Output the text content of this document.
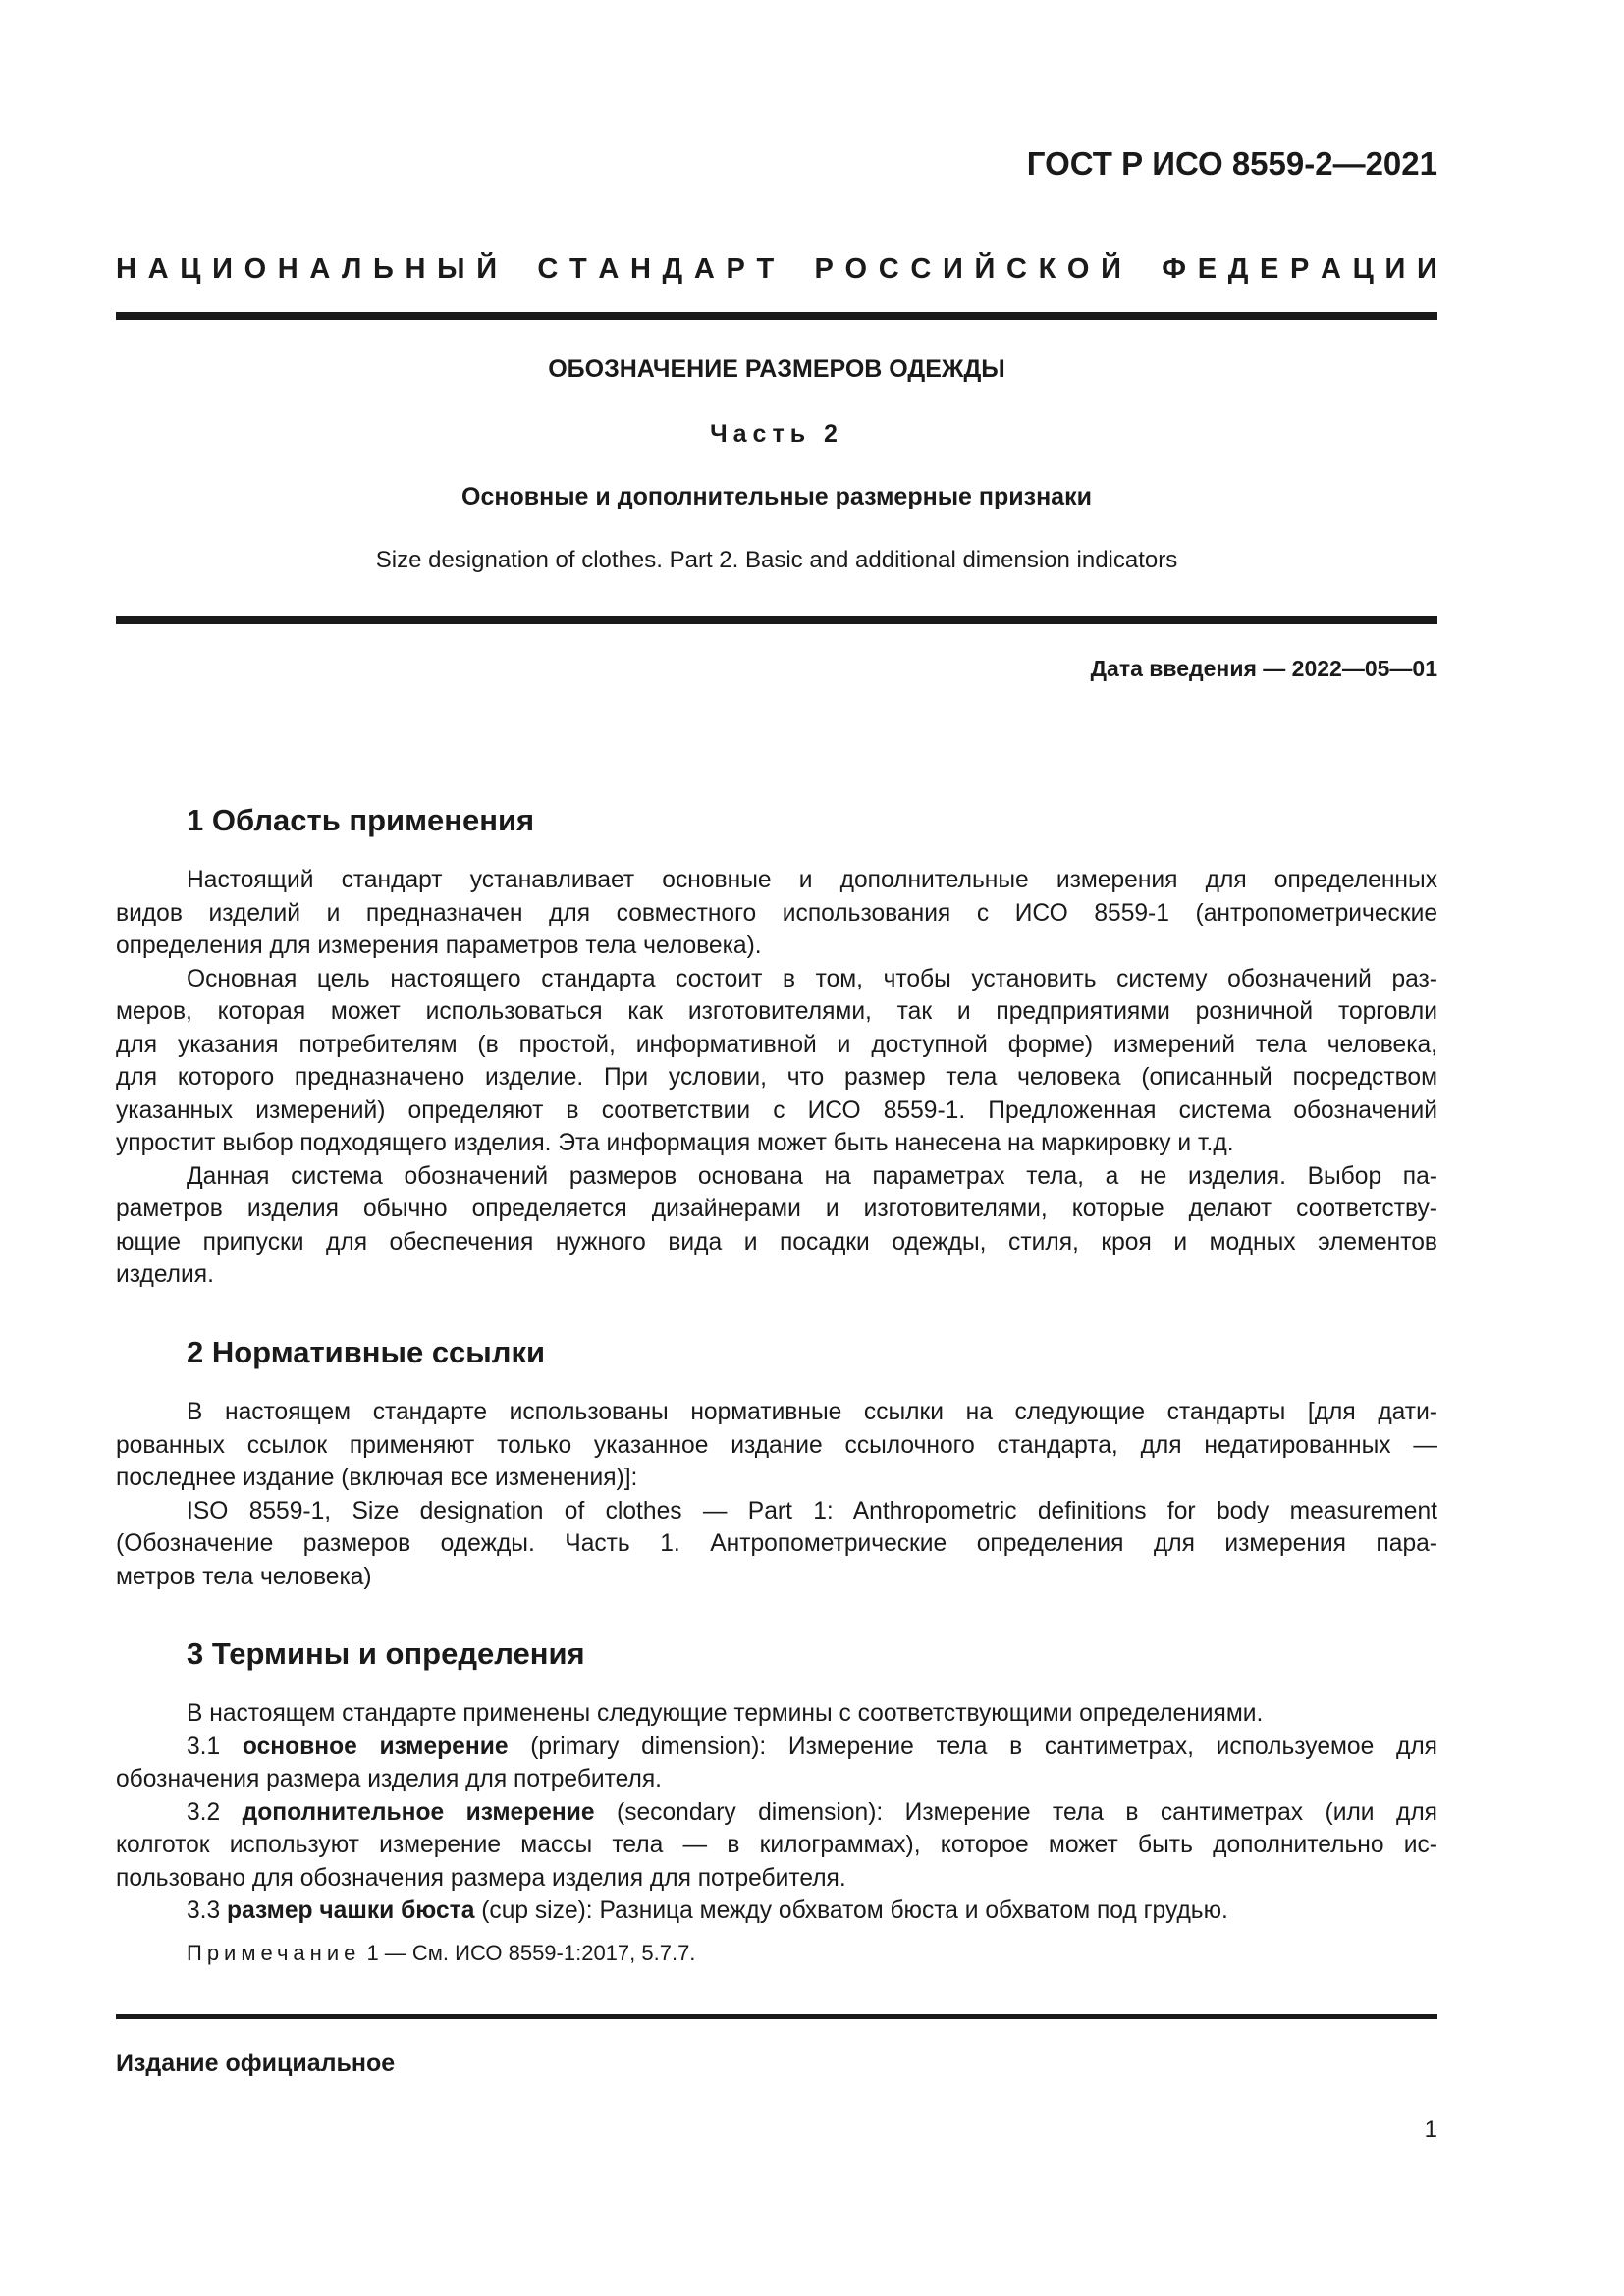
ГОСТ Р ИСО 8559-2—2021
Н А Ц И О Н А Л Ь Н Ы Й
С Т А Н Д А Р Т
Р О С С И Й С К О Й
Ф Е Д Е Р А Ц И И
ОБОЗНАЧЕНИЕ РАЗМЕРОВ ОДЕЖДЫ
Часть 2
Основные и дополнительные размерные признаки
Size designation of clothes. Part 2. Basic and additional dimension indicators
Дата введения — 2022—05—01
1 Область применения
Настоящий стандарт устанавливает основные и дополнительные измерения для определенных
видов изделий и предназначен для совместного использования с ИСО 8559-1 (антропометрические
определения для измерения параметров тела человека).
Основная цель настоящего стандарта состоит в том, чтобы установить систему обозначений раз-
меров, которая может использоваться как изготовителями, так и предприятиями розничной торговли
для указания потребителям (в простой, информативной и доступной форме) измерений тела человека,
для которого предназначено изделие. При условии, что размер тела человека (описанный посредством
указанных измерений) определяют в соответствии с ИСО 8559-1. Предложенная система обозначений
упростит выбор подходящего изделия. Эта информация может быть нанесена на маркировку и т.д.
Данная система обозначений размеров основана на параметрах тела, а не изделия. Выбор па-
раметров изделия обычно определяется дизайнерами и изготовителями, которые делают соответству-
ющие припуски для обеспечения нужного вида и посадки одежды, стиля, кроя и модных элементов
изделия.
2 Нормативные ссылки
В настоящем стандарте использованы нормативные ссылки на следующие стандарты [для дати-
рованных ссылок применяют только указанное издание ссылочного стандарта, для недатированных —
последнее издание (включая все изменения)]:
ISO 8559-1, Size designation of clothes — Part 1: Anthropometric definitions for body measurement
(Обозначение размеров одежды. Часть 1. Антропометрические определения для измерения пара-
метров тела человека)
3 Термины и определения
В настоящем стандарте применены следующие термины с соответствующими определениями.
3.1 основное измерение (primary dimension): Измерение тела в сантиметрах, используемое для
обозначения размера изделия для потребителя.
3.2 дополнительное измерение (secondary dimension): Измерение тела в сантиметрах (или для
колготок используют измерение массы тела — в килограммах), которое может быть дополнительно ис-
пользовано для обозначения размера изделия для потребителя.
3.3 размер чашки бюста (cup size): Разница между обхватом бюста и обхватом под грудью.
Примечание 1 — См. ИСО 8559-1:2017, 5.7.7.
Издание официальное
1
